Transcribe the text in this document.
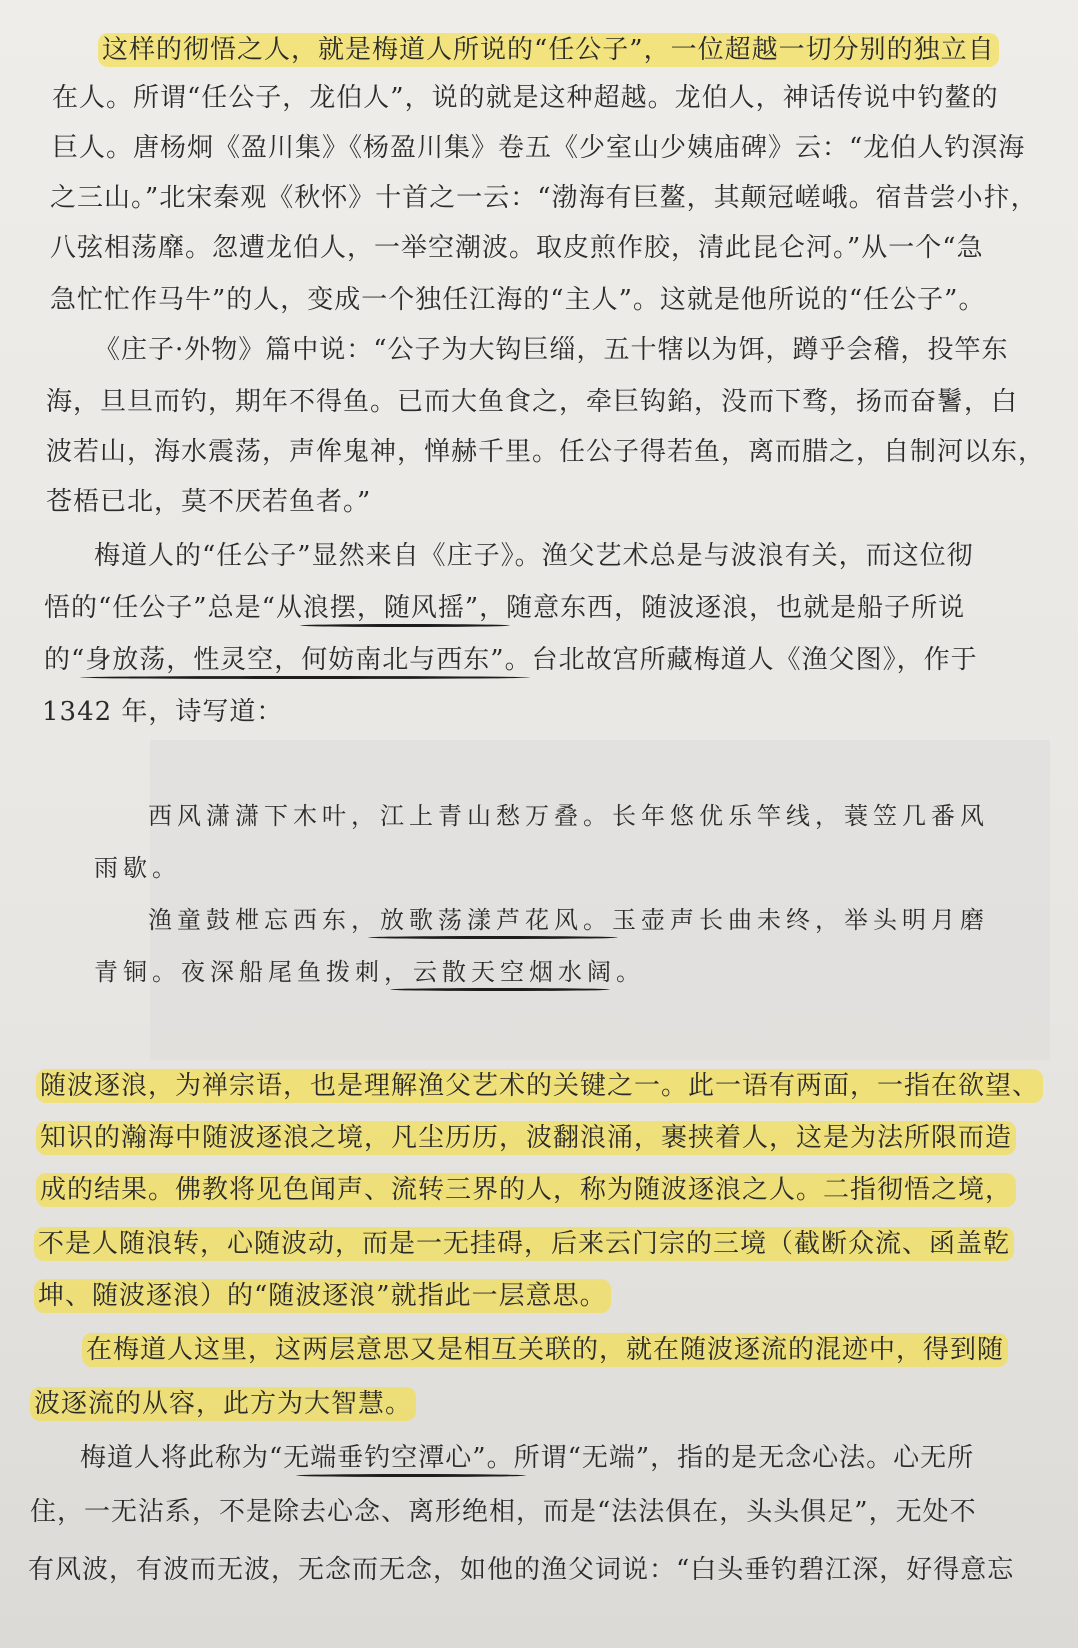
这样的彻悟之人，就是梅道人所说的“任公子”，一位超越一切分别的独立自
在人。所谓“任公子，龙伯人”，说的就是这种超越。龙伯人，神话传说中钓鳌的
巨人。唐杨炯《盈川集》《杨盈川集》卷五《少室山少姨庙碑》云：“龙伯人钓溟海
之三山。”北宋秦观《秋怀》十首之一云：“渤海有巨鳌，其颠冠嵯峨。宿昔尝小抃，
八弦相荡靡。忽遭龙伯人，一举空潮波。取皮煎作胶，清此昆仑河。”从一个“急
急忙忙作马牛”的人，变成一个独任江海的“主人”。这就是他所说的“任公子”。
《庄子·外物》篇中说：“公子为大钩巨缁，五十犗以为饵，蹲乎会稽，投竿东
海，旦旦而钓，期年不得鱼。已而大鱼食之，牵巨钩錎，没而下骛，扬而奋鬐，白
波若山，海水震荡，声侔鬼神，惮赫千里。任公子得若鱼，离而腊之，自制河以东，
苍梧已北，莫不厌若鱼者。”
梅道人的“任公子”显然来自《庄子》。渔父艺术总是与波浪有关，而这位彻
悟的“任公子”总是“从浪摆，随风摇”，随意东西，随波逐浪，也就是船子所说
的“身放荡，性灵空，何妨南北与西东”。台北故宫所藏梅道人《渔父图》，作于
1342 年，诗写道：
西风潇潇下木叶，江上青山愁万叠。长年悠优乐竿线，蓑笠几番风
雨歇。
渔童鼓枻忘西东，放歌荡漾芦花风。玉壶声长曲未终，举头明月磨
青铜。夜深船尾鱼拨刺，云散天空烟水阔。
随波逐浪，为禅宗语，也是理解渔父艺术的关键之一。此一语有两面，一指在欲望、
知识的瀚海中随波逐浪之境，凡尘历历，波翻浪涌，裹挟着人，这是为法所限而造
成的结果。佛教将见色闻声、流转三界的人，称为随波逐浪之人。二指彻悟之境，
不是人随浪转，心随波动，而是一无挂碍，后来云门宗的三境（截断众流、函盖乾
坤、随波逐浪）的“随波逐浪”就指此一层意思。
在梅道人这里，这两层意思又是相互关联的，就在随波逐流的混迹中，得到随
波逐流的从容，此方为大智慧。
梅道人将此称为“无端垂钓空潭心”。所谓“无端”，指的是无念心法。心无所
住，一无沾系，不是除去心念、离形绝相，而是“法法俱在，头头俱足”，无处不
有风波，有波而无波，无念而无念，如他的渔父词说：“白头垂钓碧江深，好得意忘
